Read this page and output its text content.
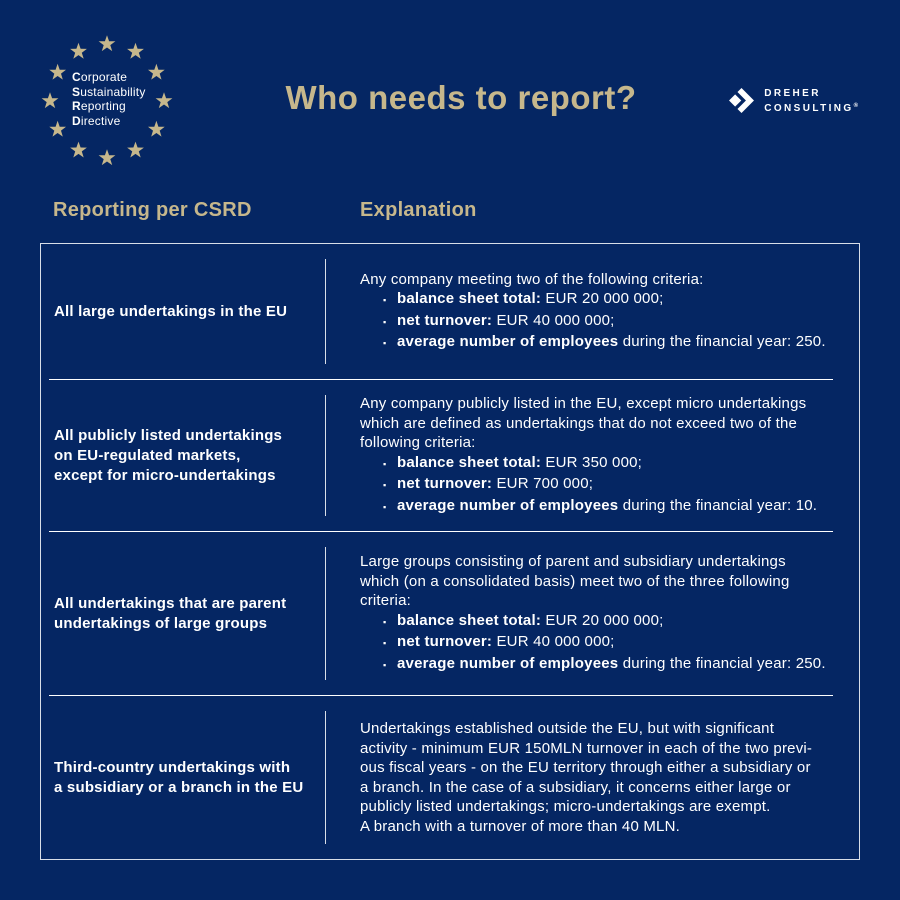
Corporate
Sustainability
Reporting
Directive
Who needs to report?	DREHER
CONSULTING®
Reporting per CSRD	Explanation
All large undertakings in the EU
Any company meeting two of the following criteria:
▪ balance sheet total: EUR 20 000 000;
▪ net turnover: EUR 40 000 000;
▪ average number of employees during the financial year: 250.
All publicly listed undertakings
on EU-regulated markets,
except for micro-undertakings
Any company publicly listed in the EU, except micro undertakings
which are defined as undertakings that do not exceed two of the
following criteria:
▪ balance sheet total: EUR 350 000;
▪ net turnover: EUR 700 000;
▪ average number of employees during the financial year: 10.
All undertakings that are parent
undertakings of large groups
Large groups consisting of parent and subsidiary undertakings
which (on a consolidated basis) meet two of the three following
criteria:
▪ balance sheet total: EUR 20 000 000;
▪ net turnover: EUR 40 000 000;
▪ average number of employees during the financial year: 250.
Third-country undertakings with
a subsidiary or a branch in the EU
Undertakings established outside the EU, but with significant
activity - minimum EUR 150MLN turnover in each of the two previ-
ous fiscal years - on the EU territory through either a subsidiary or
a branch. In the case of a subsidiary, it concerns either large or
publicly listed undertakings; micro-undertakings are exempt.
A branch with a turnover of more than 40 MLN.
